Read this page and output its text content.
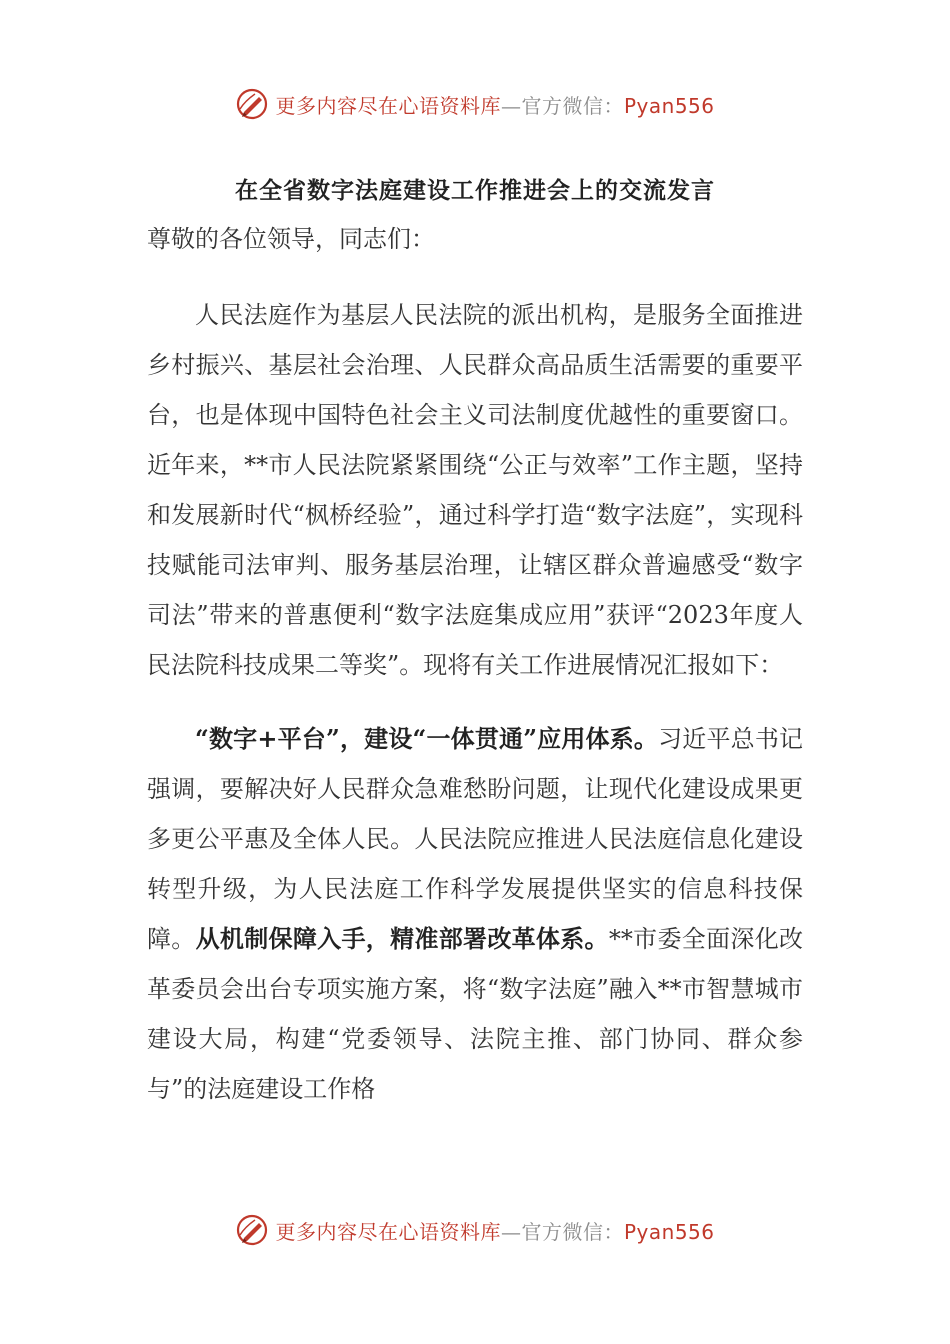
更多内容尽在心语资料库—官方微信：Pyan556
在全省数字法庭建设工作推进会上的交流发言

尊敬的各位领导，同志们：

人民法庭作为基层人民法院的派出机构，是服务全面推进乡村振兴、基层社会治理、人民群众高品质生活需要的重要平台，也是体现中国特色社会主义司法制度优越性的重要窗口。近年来，**市人民法院紧紧围绕“公正与效率”工作主题，坚持和发展新时代“枫桥经验”，通过科学打造“数字法庭”，实现科技赋能司法审判、服务基层治理，让辖区群众普遍感受“数字司法”带来的普惠便利“数字法庭集成应用”获评“2023年度人民法院科技成果二等奖”。现将有关工作进展情况汇报如下：

“数字+平台”，建设“一体贯通”应用体系。习近平总书记强调，要解决好人民群众急难愁盼问题，让现代化建设成果更多更公平惠及全体人民。人民法院应推进人民法庭信息化建设转型升级，为人民法庭工作科学发展提供坚实的信息科技保障。从机制保障入手，精准部署改革体系。**市委全面深化改革委员会出台专项实施方案，将“数字法庭”融入**市智慧城市建设大局，构建“党委领导、法院主推、部门协同、群众参与”的法庭建设工作格

更多内容尽在心语资料库—官方微信：Pyan556
